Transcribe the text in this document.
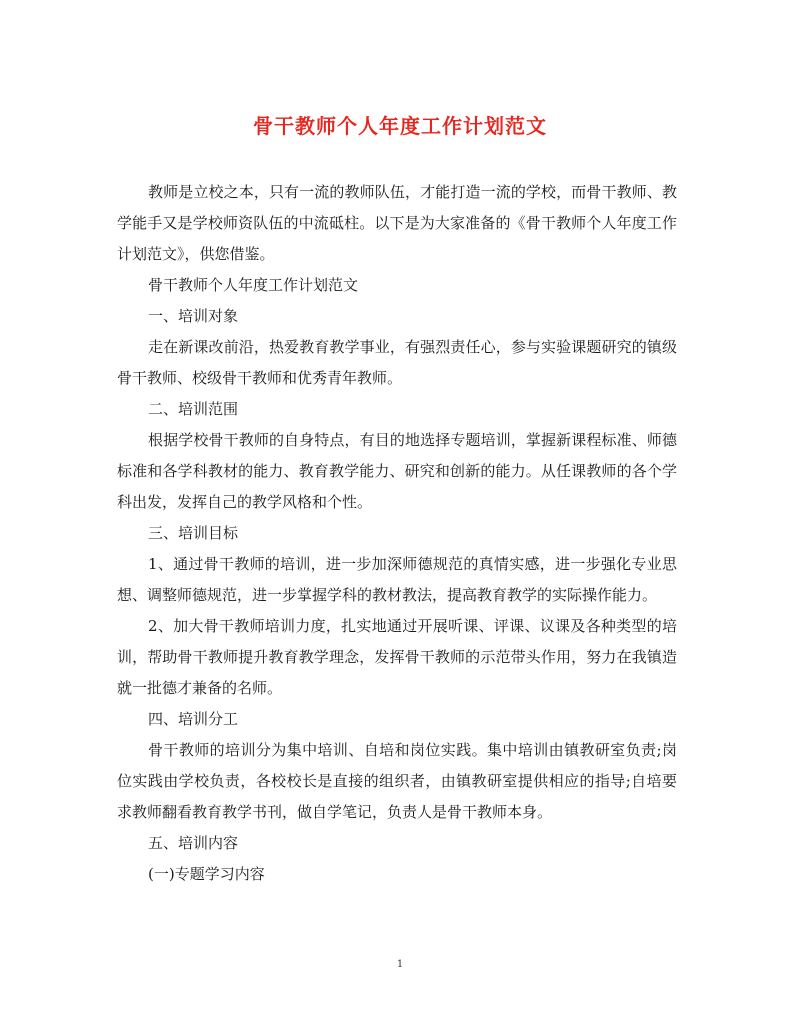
骨干教师个人年度工作计划范文

教师是立校之本，只有一流的教师队伍，才能打造一流的学校，而骨干教师、教学能手又是学校师资队伍的中流砥柱。以下是为大家准备的《骨干教师个人年度工作计划范文》，供您借鉴。

骨干教师个人年度工作计划范文

一、培训对象

走在新课改前沿，热爱教育教学事业，有强烈责任心，参与实验课题研究的镇级骨干教师、校级骨干教师和优秀青年教师。

二、培训范围

根据学校骨干教师的自身特点，有目的地选择专题培训，掌握新课程标准、师德标准和各学科教材的能力、教育教学能力、研究和创新的能力。从任课教师的各个学科出发，发挥自己的教学风格和个性。

三、培训目标

1、通过骨干教师的培训，进一步加深师德规范的真情实感，进一步强化专业思想、调整师德规范，进一步掌握学科的教材教法，提高教育教学的实际操作能力。

2、加大骨干教师培训力度，扎实地通过开展听课、评课、议课及各种类型的培训，帮助骨干教师提升教育教学理念，发挥骨干教师的示范带头作用，努力在我镇造就一批德才兼备的名师。

四、培训分工

骨干教师的培训分为集中培训、自培和岗位实践。集中培训由镇教研室负责;岗位实践由学校负责，各校校长是直接的组织者，由镇教研室提供相应的指导;自培要求教师翻看教育教学书刊，做自学笔记，负责人是骨干教师本身。

五、培训内容

(一)专题学习内容

1
